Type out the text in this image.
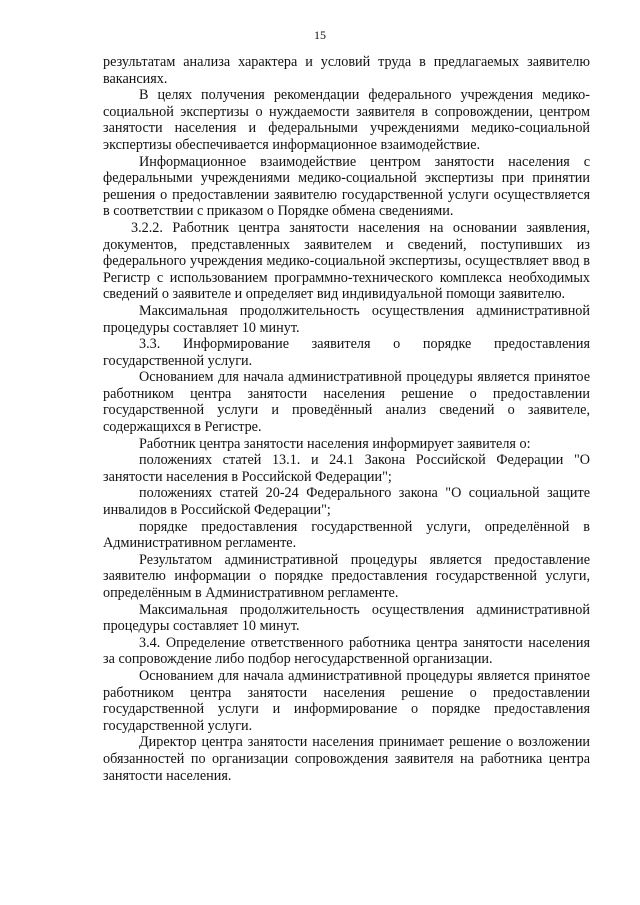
15

результатам анализа характера и условий труда в предлагаемых заявителю вакансиях.

В целях получения рекомендации федерального учреждения медико-социальной экспертизы о нуждаемости заявителя в сопровождении, центром занятости населения и федеральными учреждениями медико-социальной экспертизы обеспечивается информационное взаимодействие.

Информационное взаимодействие центром занятости населения с федеральными учреждениями медико-социальной экспертизы при принятии решения о предоставлении заявителю государственной услуги осуществляется в соответствии с приказом о Порядке обмена сведениями.

3.2.2. Работник центра занятости населения на основании заявления, документов, представленных заявителем и сведений, поступивших из федерального учреждения медико-социальной экспертизы, осуществляет ввод в Регистр с использованием программно-технического комплекса необходимых сведений о заявителе и определяет вид индивидуальной помощи заявителю.

Максимальная продолжительность осуществления административной процедуры составляет 10 минут.

3.3. Информирование заявителя о порядке предоставления государственной услуги.

Основанием для начала административной процедуры является принятое работником центра занятости населения решение о предоставлении государственной услуги и проведённый анализ сведений о заявителе, содержащихся в Регистре.

Работник центра занятости населения информирует заявителя о:

положениях статей 13.1. и 24.1 Закона Российской Федерации "О занятости населения в Российской Федерации";

положениях статей 20-24 Федерального закона "О социальной защите инвалидов в Российской Федерации";

порядке предоставления государственной услуги, определённой в Административном регламенте.

Результатом административной процедуры является предоставление заявителю информации о порядке предоставления государственной услуги, определённым в Административном регламенте.

Максимальная продолжительность осуществления административной процедуры составляет 10 минут.

3.4. Определение ответственного работника центра занятости населения за сопровождение либо подбор негосударственной организации.

Основанием для начала административной процедуры является принятое работником центра занятости населения решение о предоставлении государственной услуги и информирование о порядке предоставления государственной услуги.

Директор центра занятости населения принимает решение о возложении обязанностей по организации сопровождения заявителя на работника центра занятости населения.
